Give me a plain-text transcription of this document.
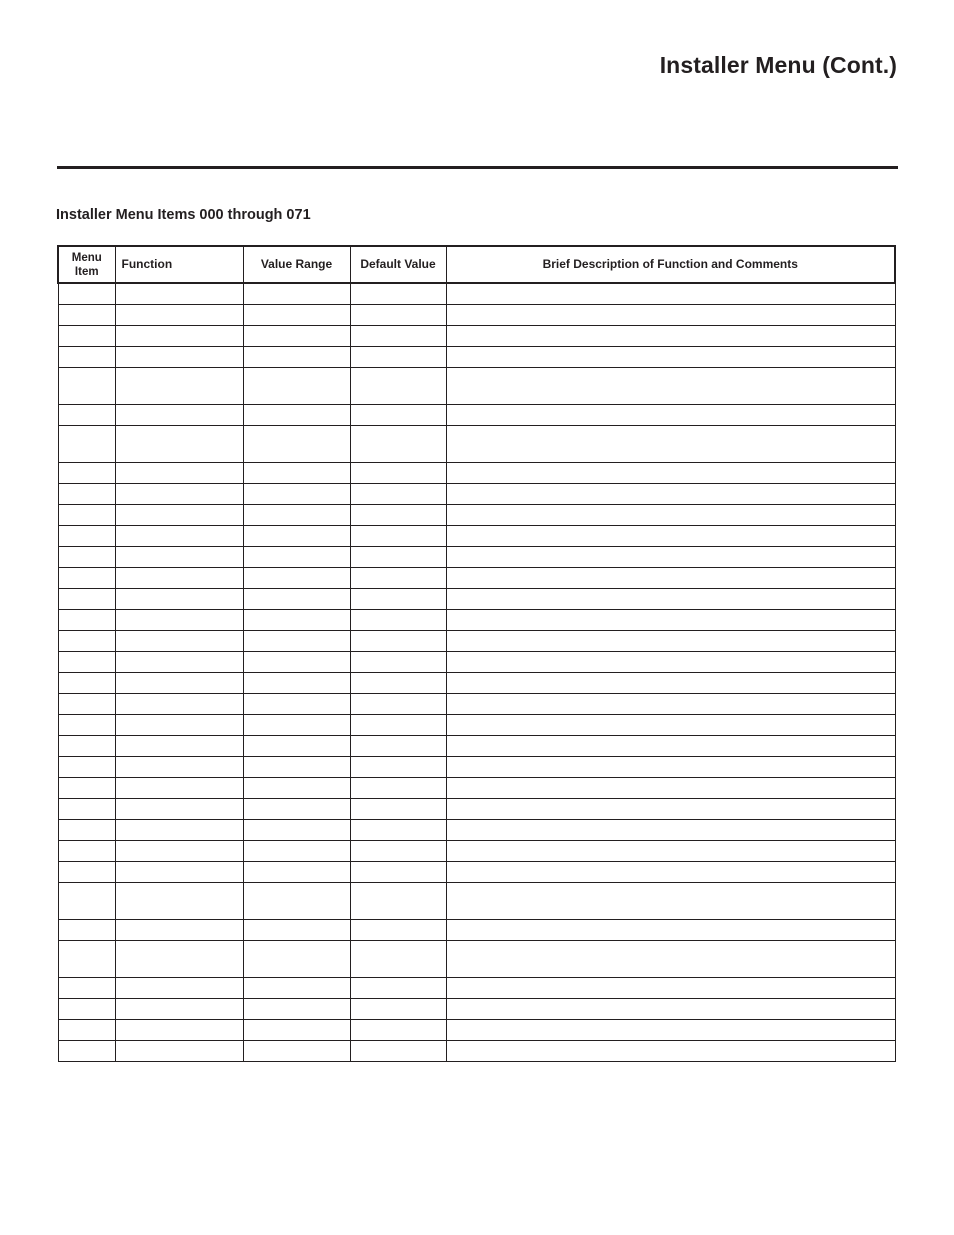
Installer Menu (Cont.)
Installer Menu Items 000 through 071
Menu
Item	Function	Value Range	Default Value	Brief Description of Function and Comments
